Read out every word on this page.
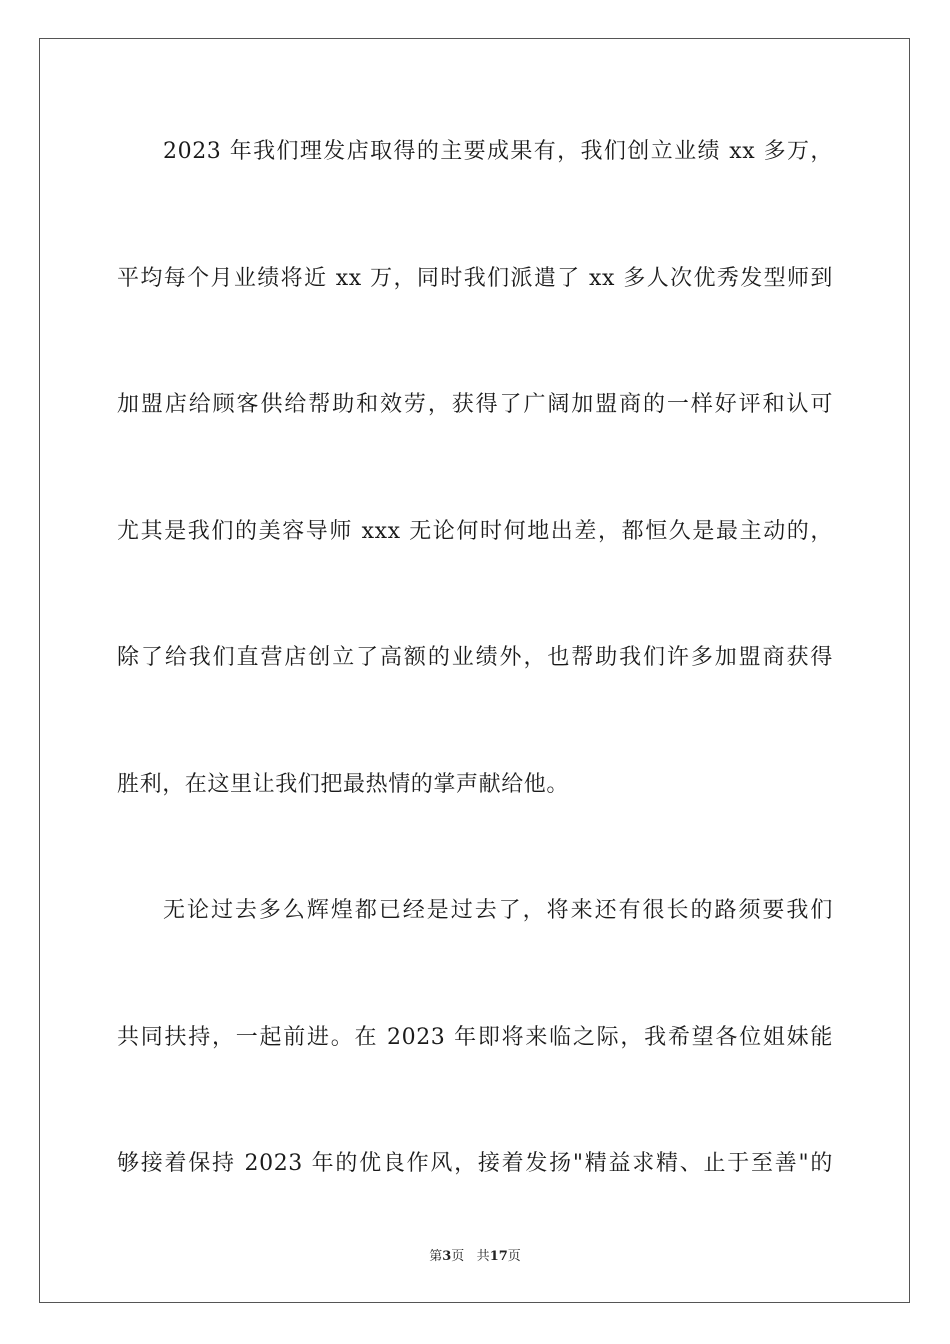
2023 年我们理发店取得的主要成果有，我们创立业绩 xx 多万，
平均每个月业绩将近 xx 万，同时我们派遣了 xx 多人次优秀发型师到
加盟店给顾客供给帮助和效劳，获得了广阔加盟商的一样好评和认可
尤其是我们的美容导师 xxx 无论何时何地出差，都恒久是最主动的，
除了给我们直营店创立了高额的业绩外，也帮助我们许多加盟商获得
胜利，在这里让我们把最热情的掌声献给他。
无论过去多么辉煌都已经是过去了，将来还有很长的路须要我们
共同扶持，一起前进。在 2023 年即将来临之际，我希望各位姐妹能
够接着保持 2023 年的优良作风，接着发扬"精益求精、止于至善"的
第3页 共17页
